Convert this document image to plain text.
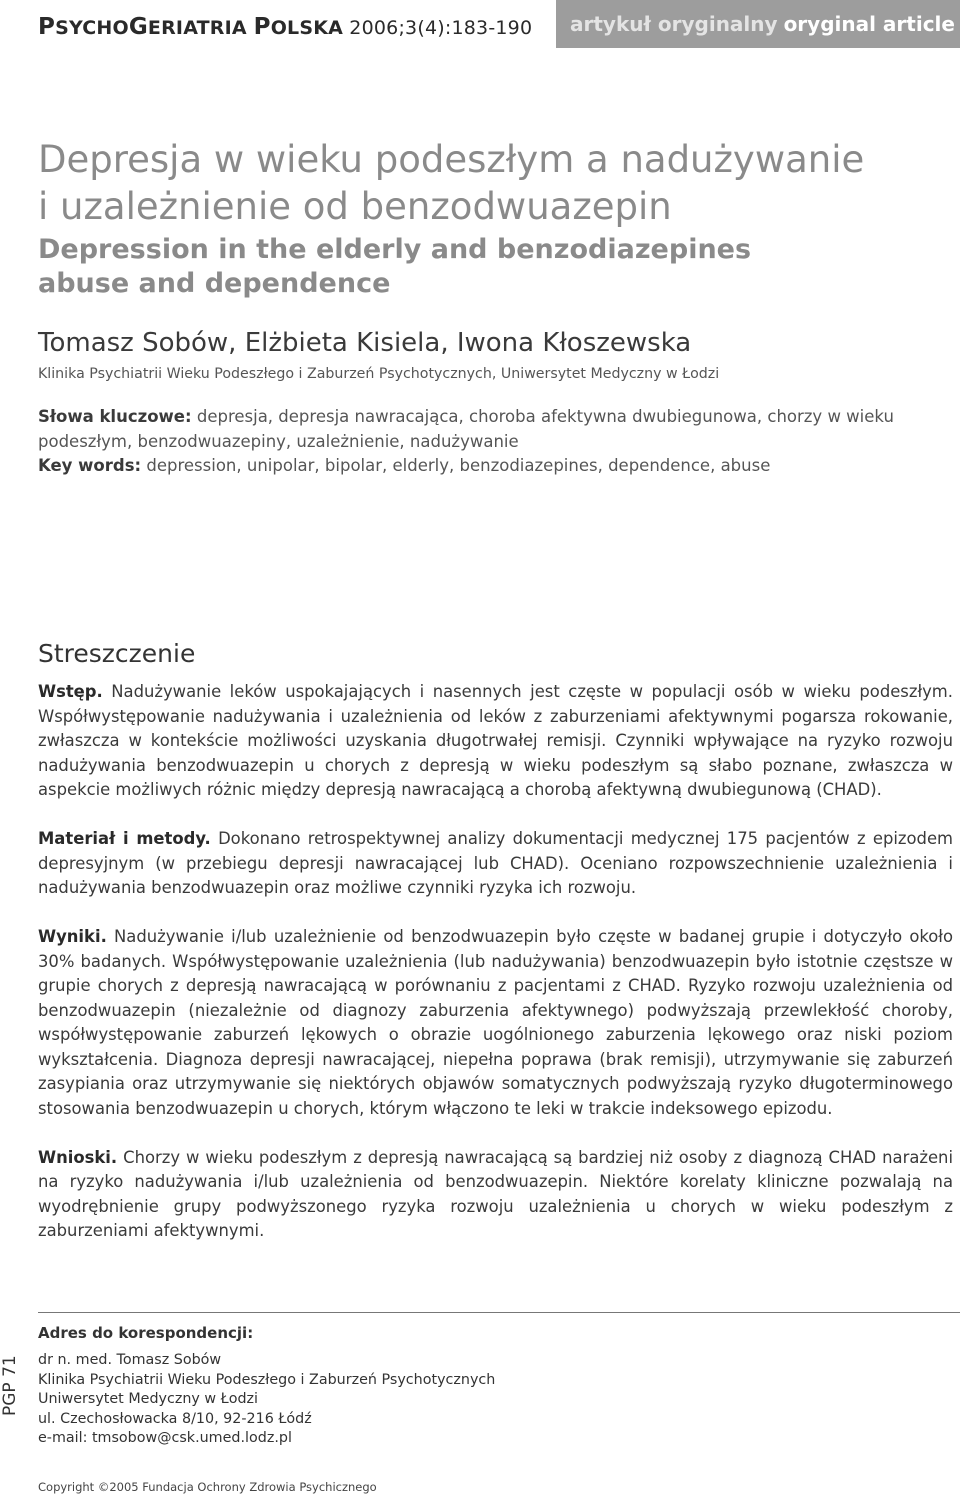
PSYCHOGERIATRIA POLSKA 2006;3(4):183-190	artykuł oryginalny oryginal article
Depresja w wieku podeszłym a nadużywanie
i uzależnienie od benzodwuazepin
Depression in the elderly and benzodiazepines
abuse and dependence
Tomasz Sobów, Elżbieta Kisiela, Iwona Kłoszewska
Klinika Psychiatrii Wieku Podeszłego i Zaburzeń Psychotycznych, Uniwersytet Medyczny w Łodzi
Słowa kluczowe: depresja, depresja nawracająca, choroba afektywna dwubiegunowa, chorzy w wieku podeszłym, benzodwuazepiny, uzależnienie, nadużywanie
Key words: depression, unipolar, bipolar, elderly, benzodiazepines, dependence, abuse
Streszczenie

Wstęp. Nadużywanie leków uspokajających i nasennych jest częste w populacji osób w wieku podeszłym. Współwystępowanie nadużywania i uzależnienia od leków z zaburzeniami afektywnymi pogarsza rokowanie, zwłaszcza w kontekście możliwości uzyskania długotrwałej remisji. Czynniki wpływające na ryzyko rozwoju nadużywania benzodwuazepin u chorych z depresją w wieku podeszłym są słabo poznane, zwłaszcza w aspekcie możliwych różnic między depresją nawracającą a chorobą afektywną dwubiegunową (CHAD).

Materiał i metody. Dokonano retrospektywnej analizy dokumentacji medycznej 175 pacjentów z epizodem depresyjnym (w przebiegu depresji nawracającej lub CHAD). Oceniano rozpowszechnienie uzależnienia i nadużywania benzodwuazepin oraz możliwe czynniki ryzyka ich rozwoju.

Wyniki. Nadużywanie i/lub uzależnienie od benzodwuazepin było częste w badanej grupie i dotyczyło około 30% badanych. Współwystępowanie uzależnienia (lub nadużywania) benzodwuazepin było istotnie częstsze w grupie chorych z depresją nawracającą w porównaniu z pacjentami z CHAD. Ryzyko rozwoju uzależnienia od benzodwuazepin (niezależnie od diagnozy zaburzenia afektywnego) podwyższają przewlekłość choroby, współwystępowanie zaburzeń lękowych o obrazie uogólnionego zaburzenia lękowego oraz niski poziom wykształcenia. Diagnoza depresji nawracającej, niepełna poprawa (brak remisji), utrzymywanie się zaburzeń zasypiania oraz utrzymywanie się niektórych objawów somatycznych podwyższają ryzyko długoterminowego stosowania benzodwuazepin u chorych, którym włączono te leki w trakcie indeksowego epizodu.

Wnioski. Chorzy w wieku podeszłym z depresją nawracającą są bardziej niż osoby z diagnozą CHAD narażeni na ryzyko nadużywania i/lub uzależnienia od benzodwuazepin. Niektóre korelaty kliniczne pozwalają na wyodrębnienie grupy podwyższonego ryzyka rozwoju uzależnienia u chorych w wieku podeszłym z zaburzeniami afektywnymi.

Adres do korespondencji:
dr n. med. Tomasz Sobów
Klinika Psychiatrii Wieku Podeszłego i Zaburzeń Psychotycznych
Uniwersytet Medyczny w Łodzi
ul. Czechosłowacka 8/10, 92-216 Łódź
e-mail: tmsobow@csk.umed.lodz.pl
PGP 71
Copyright ©2005 Fundacja Ochrony Zdrowia Psychicznego
